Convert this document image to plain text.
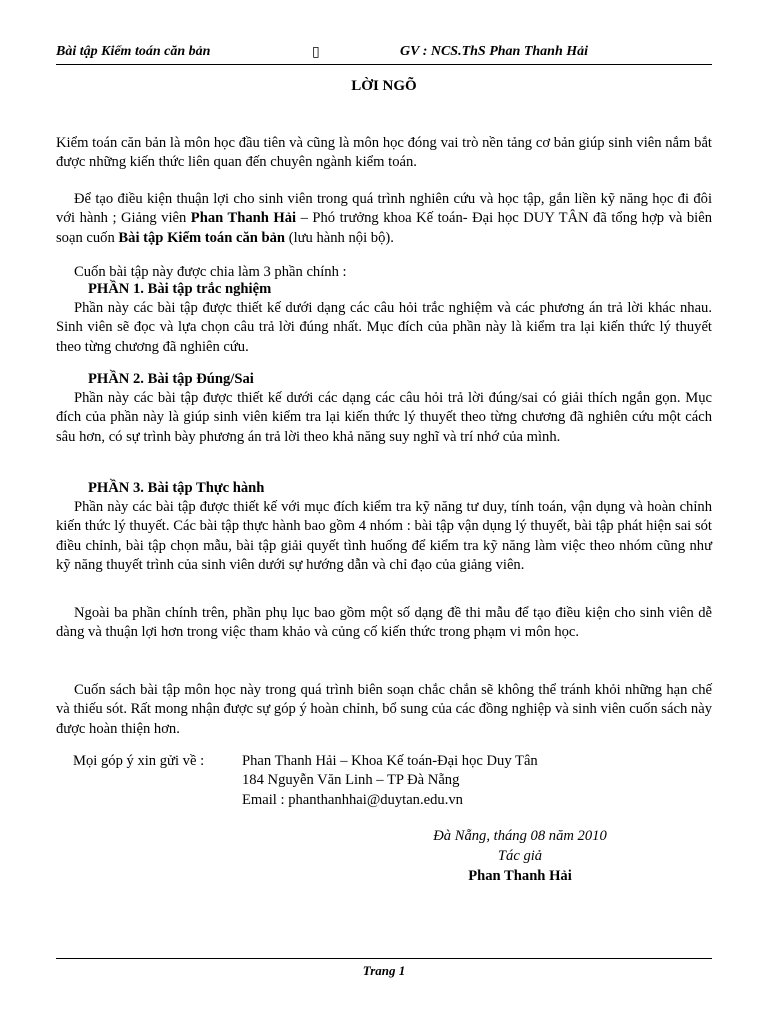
Bài tập Kiểm toán căn bản	▯	GV : NCS.ThS Phan Thanh Hải
LỜI NGÕ

Kiểm toán căn bản là môn học đầu tiên và cũng là môn học đóng vai trò nền tảng cơ bản giúp sinh viên nắm bắt được những kiến thức liên quan đến chuyên ngành kiểm toán.

Để tạo điều kiện thuận lợi cho sinh viên trong quá trình nghiên cứu và học tập, gắn liền kỹ năng học đi đôi với hành ; Giảng viên Phan Thanh Hải – Phó trưởng khoa Kế toán- Đại học DUY TÂN đã tổng hợp và biên soạn cuốn Bài tập Kiểm toán căn bản (lưu hành nội bộ).

Cuốn bài tập này được chia làm 3 phần chính :

PHẦN 1. Bài tập trắc nghiệm

Phần này các bài tập được thiết kế dưới dạng các câu hỏi trắc nghiệm và các phương án trả lời khác nhau. Sinh viên sẽ đọc và lựa chọn câu trả lời đúng nhất. Mục đích của phần này là kiểm tra lại kiến thức lý thuyết theo từng chương đã nghiên cứu.

PHẦN 2. Bài tập Đúng/Sai

Phần này các bài tập được thiết kế dưới các dạng các câu hỏi trả lời đúng/sai có giải thích ngắn gọn. Mục đích của phần này là giúp sinh viên kiểm tra lại kiến thức lý thuyết theo từng chương đã nghiên cứu một cách sâu hơn, có sự trình bày phương án trả lời theo khả năng suy nghĩ và trí nhớ của mình.

PHẦN 3. Bài tập Thực hành

Phần này các bài tập được thiết kế với mục đích kiểm tra kỹ năng tư duy, tính toán, vận dụng và hoàn chỉnh kiến thức lý thuyết. Các bài tập thực hành bao gồm 4 nhóm : bài tập vận dụng lý thuyết, bài tập phát hiện sai sót điều chỉnh, bài tập chọn mẫu, bài tập giải quyết tình huống để kiểm tra kỹ năng làm việc theo nhóm cũng như kỹ năng thuyết trình của sinh viên dưới sự hướng dẫn và chỉ đạo của giảng viên.

Ngoài ba phần chính trên, phần phụ lục bao gồm một số dạng đề thi mẫu để tạo điều kiện cho sinh viên dễ dàng và thuận lợi hơn trong việc tham khảo và củng cố kiến thức trong phạm vi môn học.

Cuốn sách bài tập môn học này trong quá trình biên soạn chắc chắn sẽ không thể tránh khỏi những hạn chế và thiếu sót. Rất mong nhận được sự góp ý hoàn chỉnh, bổ sung của các đồng nghiệp và sinh viên cuốn sách này được hoàn thiện hơn.

Mọi góp ý xin gửi về :	Phan Thanh Hải – Khoa Kế toán-Đại học Duy Tân
184 Nguyễn Văn Linh – TP Đà Nẵng
Email : phanthanhhai@duytan.edu.vn
Đà Nẵng, tháng 08 năm 2010
Tác giả
Phan Thanh Hải
Trang 1
